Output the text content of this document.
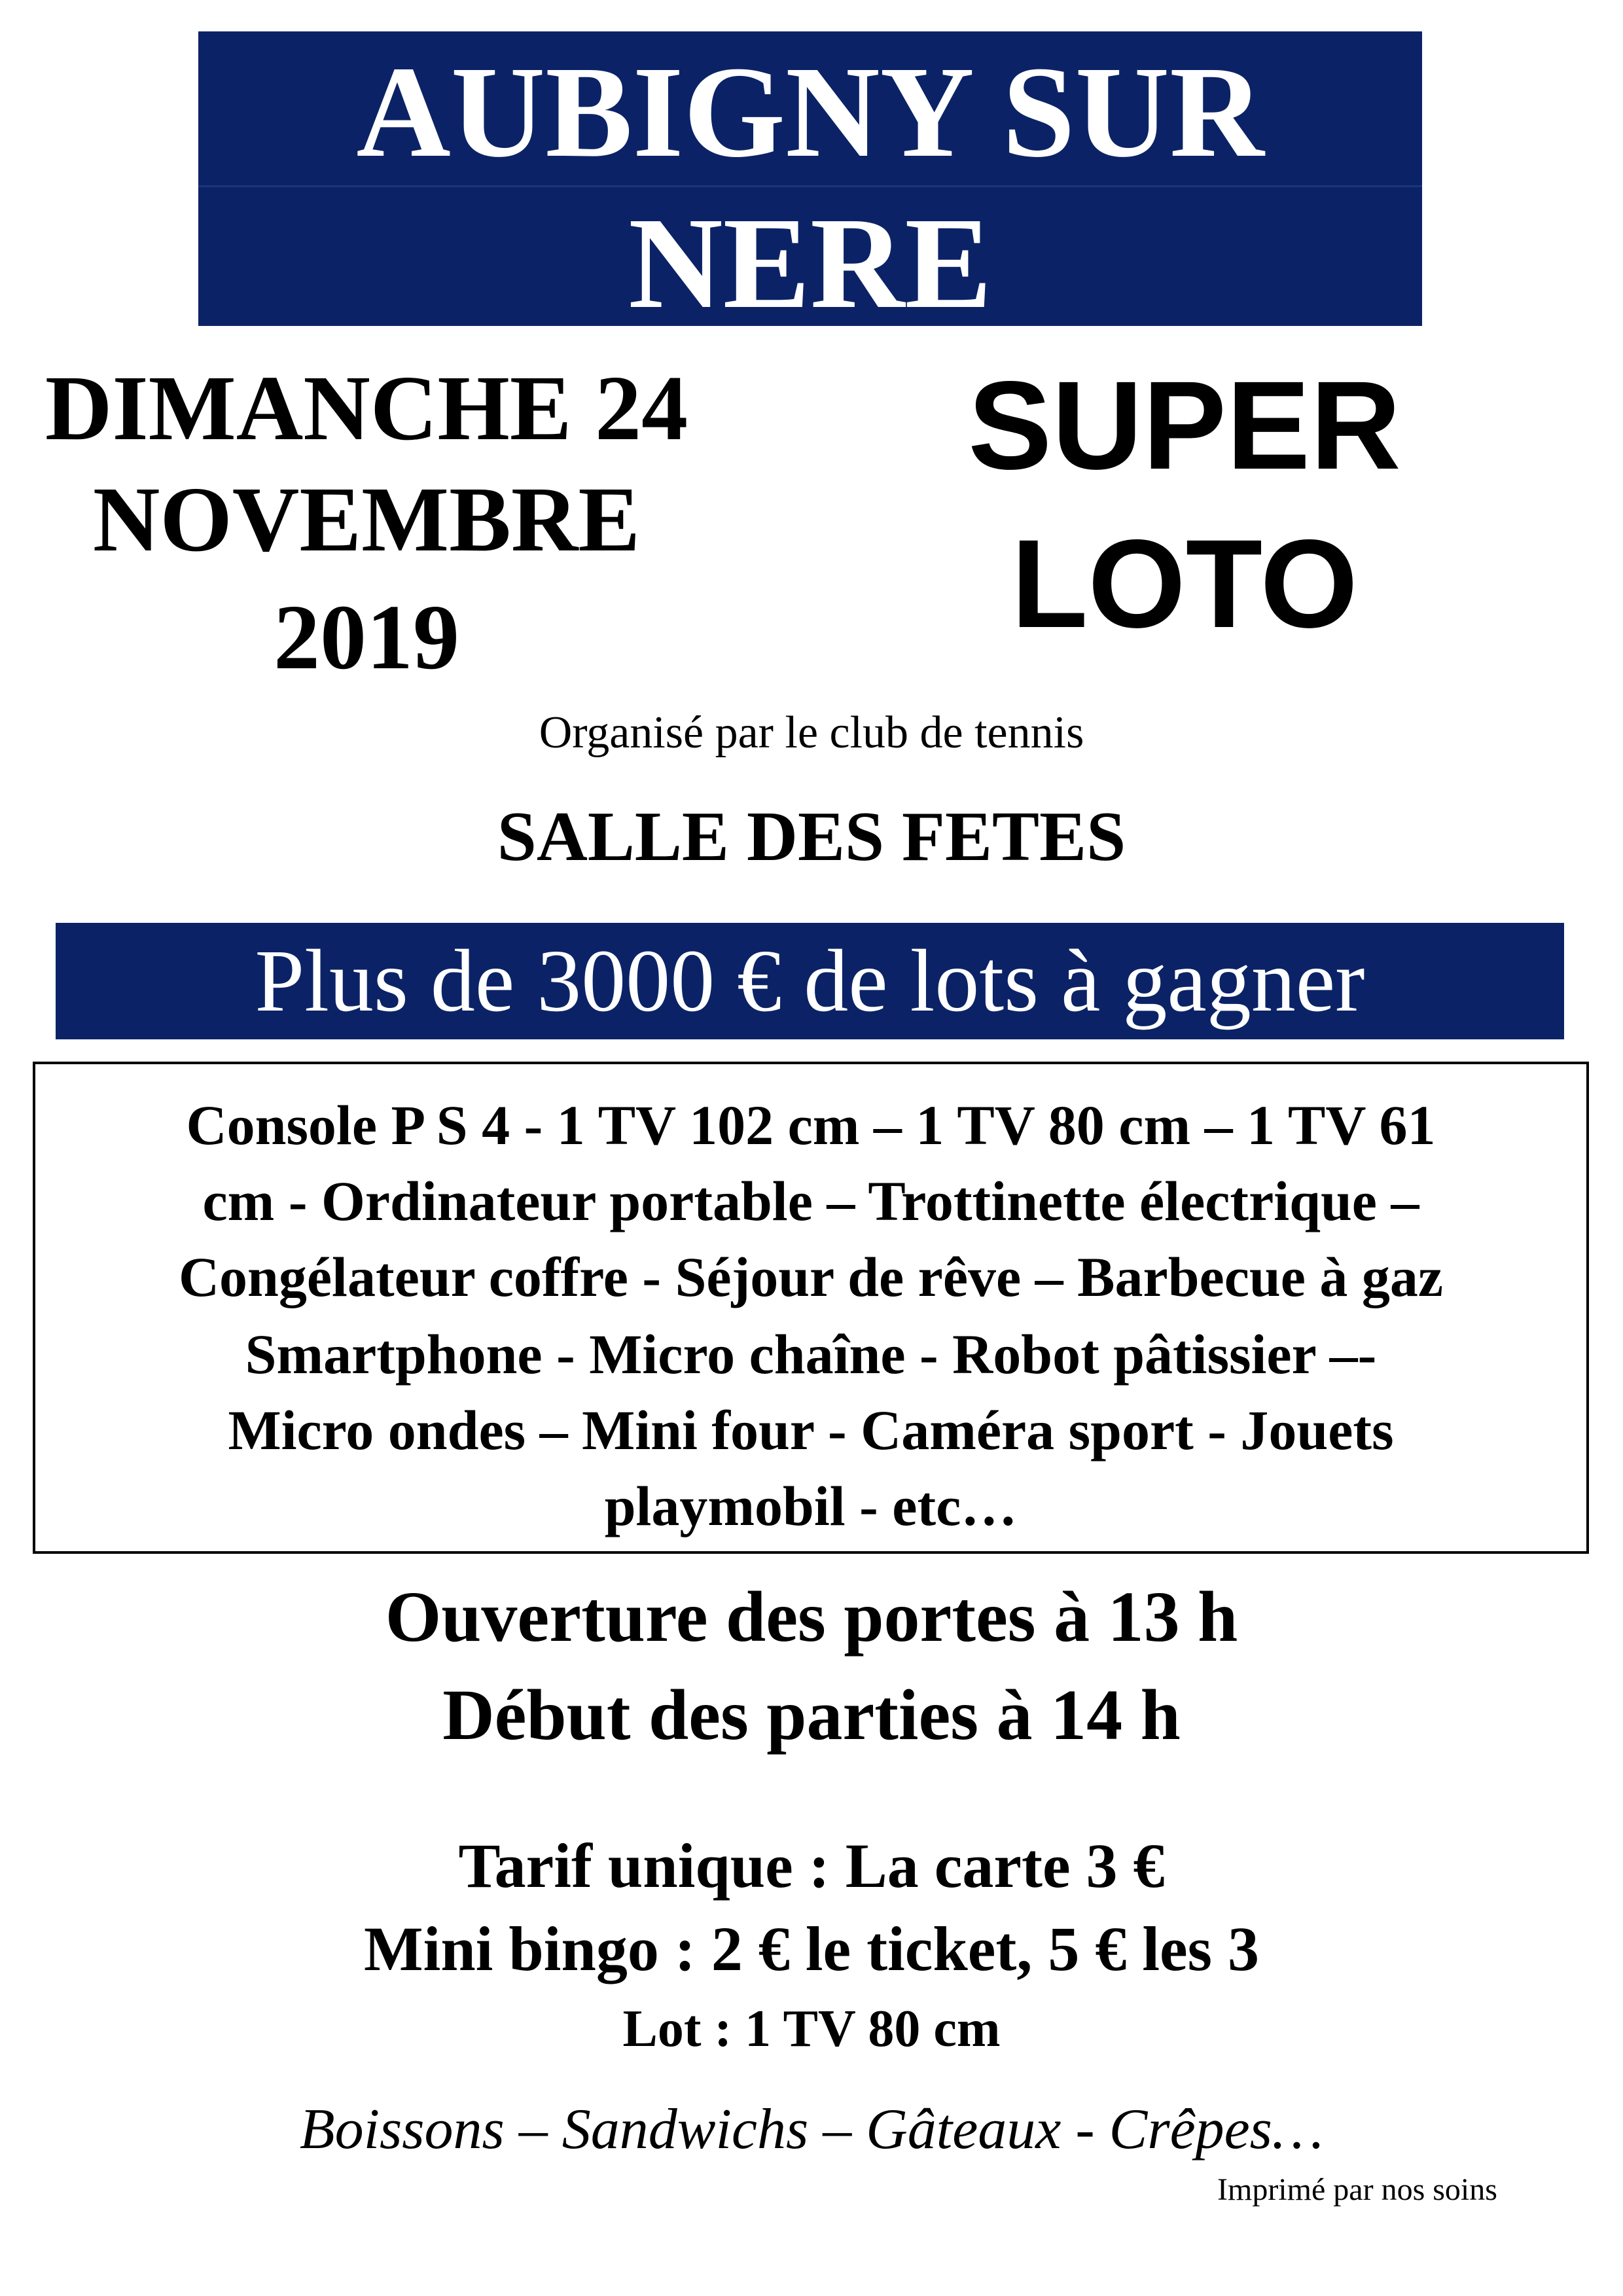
AUBIGNY SUR
NERE
DIMANCHE 24
NOVEMBRE
2019
SUPER
LOTO
Organisé par le club de tennis
SALLE DES FETES
Plus de 3000 € de lots à gagner
Console P S 4 - 1 TV 102 cm – 1 TV 80 cm – 1 TV 61
cm - Ordinateur portable – Trottinette électrique –
Congélateur coffre - Séjour de rêve – Barbecue à gaz
Smartphone - Micro chaîne - Robot pâtissier –-
Micro ondes – Mini four - Caméra sport - Jouets
playmobil - etc…
Ouverture des portes à 13 h
Début des parties à 14 h
Tarif unique : La carte 3 €
Mini bingo : 2 € le ticket, 5 € les 3
Lot : 1 TV 80 cm
Boissons – Sandwichs – Gâteaux - Crêpes…
Imprimé par nos soins
